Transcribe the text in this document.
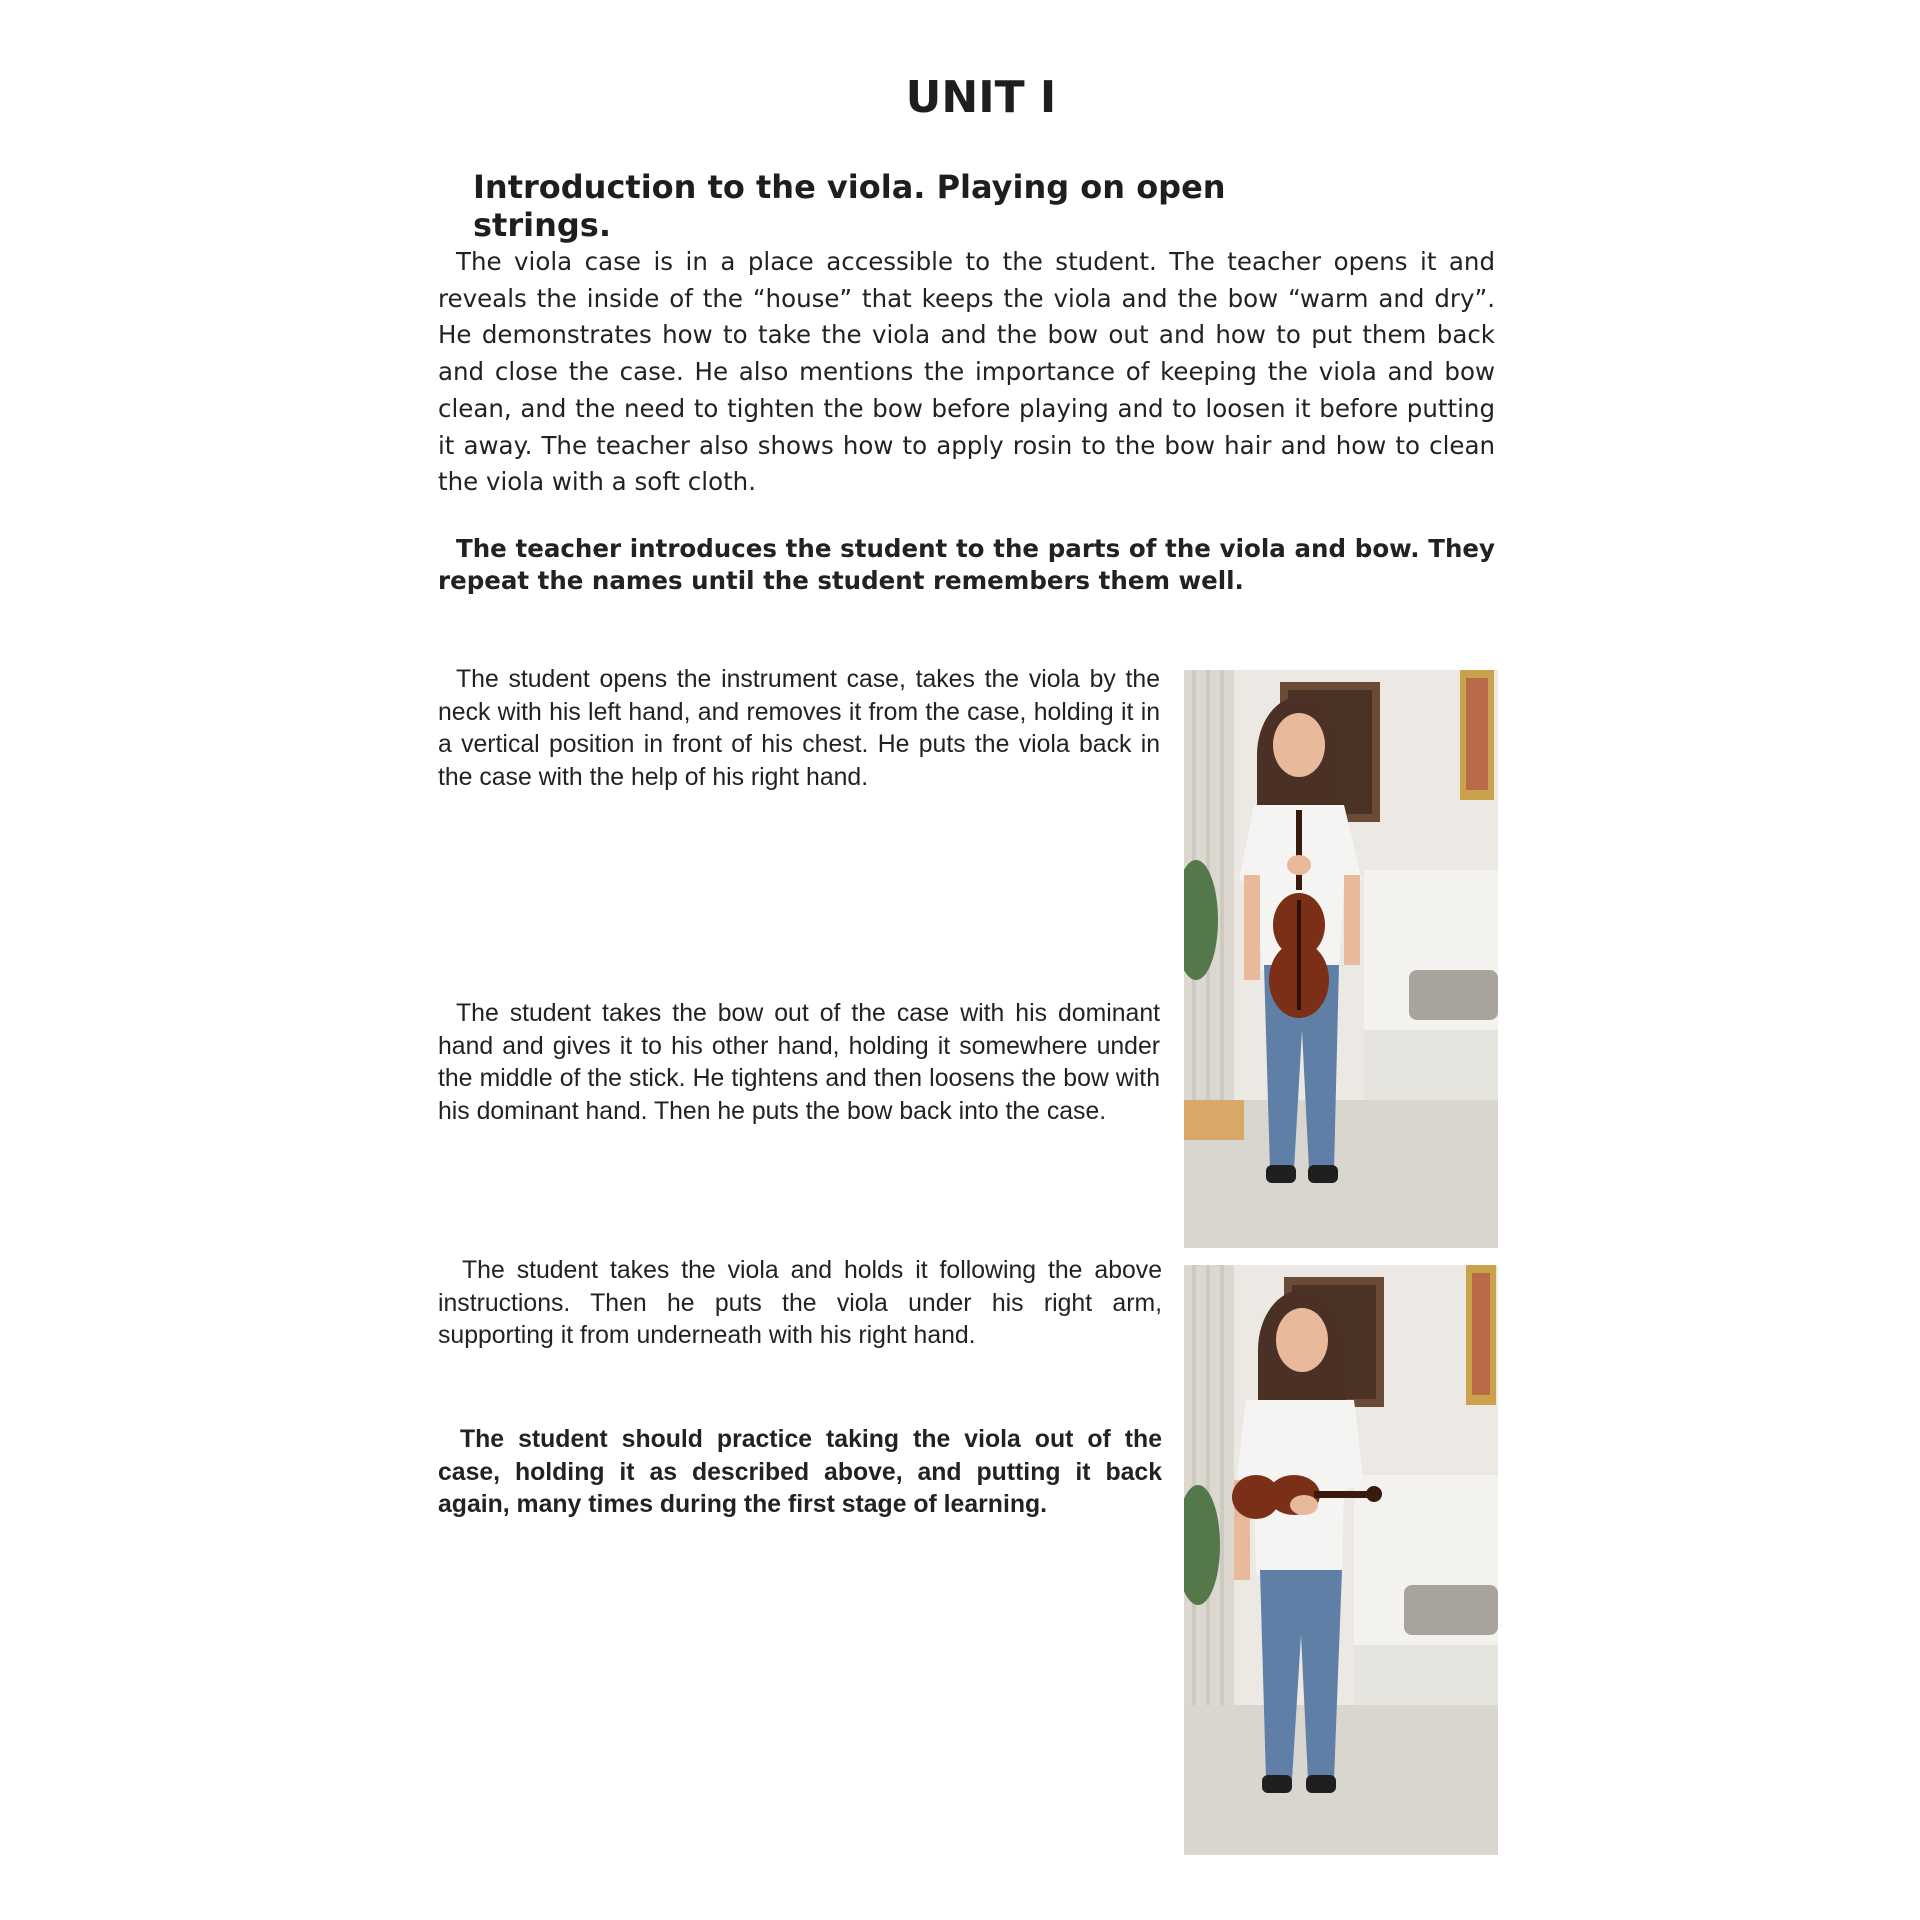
UNIT I
Introduction to the viola. Playing on open strings.

The viola case is in a place accessible to the student. The teacher opens it and reveals the inside of the “house” that keeps the viola and the bow “warm and dry”. He demonstrates how to take the viola and the bow out and how to put them back and close the case. He also mentions the importance of keeping the viola and bow clean, and the need to tighten the bow before playing and to loosen it before putting it away. The teacher also shows how to apply rosin to the bow hair and how to clean the viola with a soft cloth.

The teacher introduces the student to the parts of the viola and bow. They repeat the names until the student remembers them well.

The student opens the instrument case, takes the viola by the neck with his left hand, and removes it from the case, holding it in a vertical position in front of his chest. He puts the viola back in the case with the help of his right hand.

The student takes the bow out of the case with his dominant hand and gives it to his other hand, holding it somewhere under the middle of the stick. He tightens and then loosens the bow with his dominant hand. Then he puts the bow back into the case.

The student takes the viola and holds it following the above instructions. Then he puts the viola under his right arm, supporting it from underneath with his right hand.

The student should practice taking the viola out of the case, holding it as described above, and putting it back again, many times during the first stage of learning.
